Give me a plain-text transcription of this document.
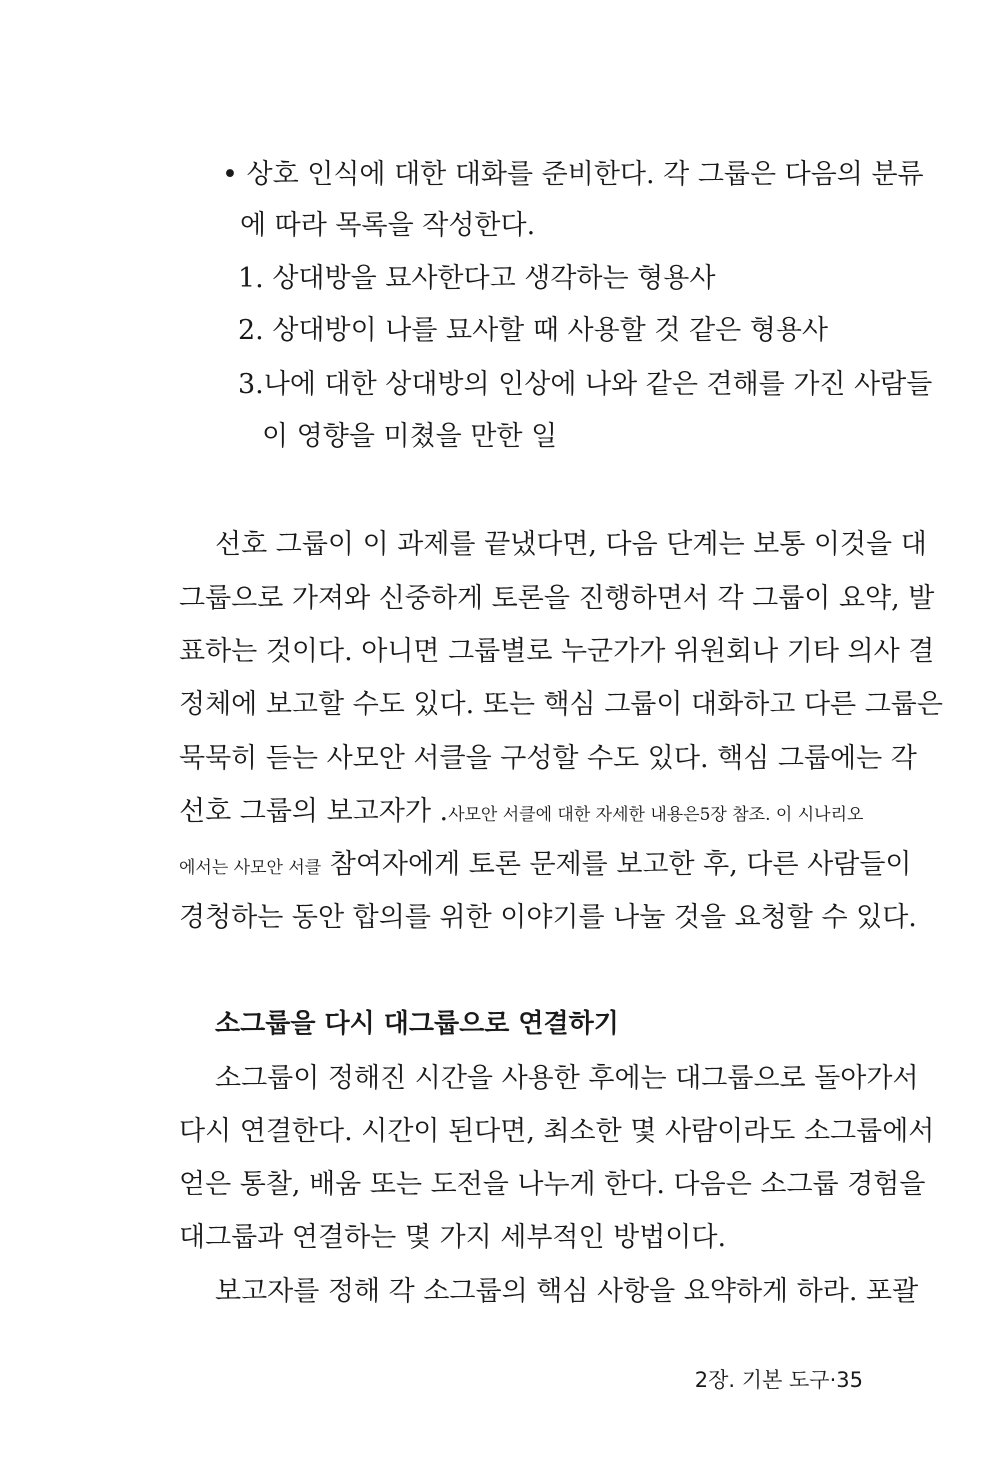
• 상호 인식에 대한 대화를 준비한다. 각 그룹은 다음의 분류
에 따라 목록을 작성한다.
1. 상대방을 묘사한다고 생각하는 형용사
2. 상대방이 나를 묘사할 때 사용할 것 같은 형용사
3.나에 대한 상대방의 인상에 나와 같은 견해를 가진 사람들
이 영향을 미쳤을 만한 일
선호 그룹이 이 과제를 끝냈다면, 다음 단계는 보통 이것을 대
그룹으로 가져와 신중하게 토론을 진행하면서 각 그룹이 요약, 발
표하는 것이다. 아니면 그룹별로 누군가가 위원회나 기타 의사 결
정체에 보고할 수도 있다. 또는 핵심 그룹이 대화하고 다른 그룹은
묵묵히 듣는 사모안 서클을 구성할 수도 있다. 핵심 그룹에는 각
선호 그룹의 보고자가 .사모안 서클에 대한 자세한 내용은5장 참조. 이 시나리오
에서는 사모안 서클 참여자에게 토론 문제를 보고한 후, 다른 사람들이
경청하는 동안 합의를 위한 이야기를 나눌 것을 요청할 수 있다.
소그룹을 다시 대그룹으로 연결하기
소그룹이 정해진 시간을 사용한 후에는 대그룹으로 돌아가서
다시 연결한다. 시간이 된다면, 최소한 몇 사람이라도 소그룹에서
얻은 통찰, 배움 또는 도전을 나누게 한다. 다음은 소그룹 경험을
대그룹과 연결하는 몇 가지 세부적인 방법이다.
보고자를 정해 각 소그룹의 핵심 사항을 요약하게 하라. 포괄
2장. 기본 도구·35
